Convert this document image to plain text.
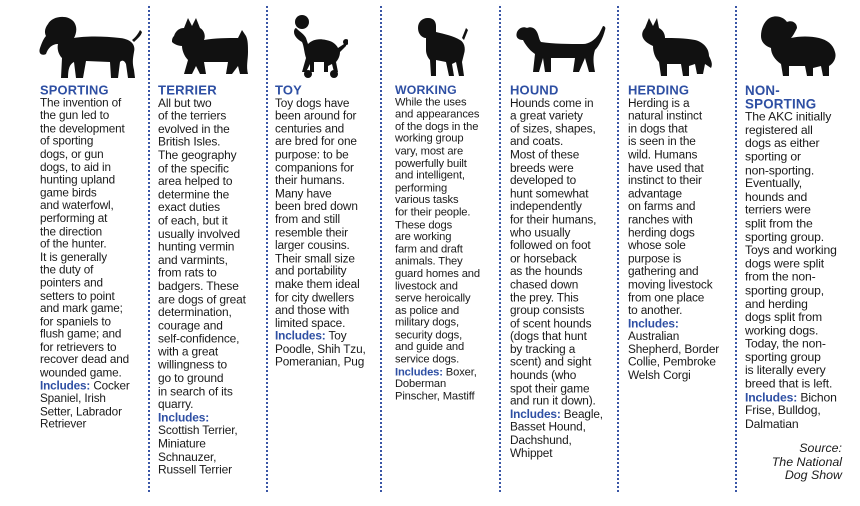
SPORTING
The invention of
the gun led to
the development
of sporting
dogs, or gun
dogs, to aid in
hunting upland
game birds
and waterfowl,
performing at
the direction
of the hunter.
It is generally
the duty of
pointers and
setters to point
and mark game;
for spaniels to
flush game; and
for retrievers to
recover dead and
wounded game.
Includes: Cocker
Spaniel, Irish
Setter, Labrador
Retriever
TERRIER
All but two
of the terriers
evolved in the
British Isles.
The geography
of the specific
area helped to
determine the
exact duties
of each, but it
usually involved
hunting vermin
and varmints,
from rats to
badgers. These
are dogs of great
determination,
courage and
self-confidence,
with a great
willingness to
go to ground
in search of its
quarry.
Includes:
Scottish Terrier,
Miniature
Schnauzer,
Russell Terrier
TOY
Toy dogs have
been around for
centuries and
are bred for one
purpose: to be
companions for
their humans.
Many have
been bred down
from and still
resemble their
larger cousins.
Their small size
and portability
make them ideal
for city dwellers
and those with
limited space.
Includes: Toy
Poodle, Shih Tzu,
Pomeranian, Pug
WORKING
While the uses
and appearances
of the dogs in the
working group
vary, most are
powerfully built
and intelligent,
performing
various tasks
for their people.
These dogs
are working
farm and draft
animals. They
guard homes and
livestock and
serve heroically
as police and
military dogs,
security dogs,
and guide and
service dogs.
Includes: Boxer,
Doberman
Pinscher, Mastiff
HOUND
Hounds come in
a great variety
of sizes, shapes,
and coats.
Most of these
breeds were
developed to
hunt somewhat
independently
for their humans,
who usually
followed on foot
or horseback
as the hounds
chased down
the prey. This
group consists
of scent hounds
(dogs that hunt
by tracking a
scent) and sight
hounds (who
spot their game
and run it down).
Includes: Beagle,
Basset Hound,
Dachshund,
Whippet
HERDING
Herding is a
natural instinct
in dogs that
is seen in the
wild. Humans
have used that
instinct to their
advantage
on farms and
ranches with
herding dogs
whose sole
purpose is
gathering and
moving livestock
from one place
to another.
Includes:
Australian
Shepherd, Border
Collie, Pembroke
Welsh Corgi
NON-
SPORTING
The AKC initially
registered all
dogs as either
sporting or
non-sporting.
Eventually,
hounds and
terriers were
split from the
sporting group.
Toys and working
dogs were split
from the non-
sporting group,
and herding
dogs split from
working dogs.
Today, the non-
sporting group
is literally every
breed that is left.
Includes: Bichon
Frise, Bulldog,
Dalmatian
Source:
The National
Dog Show
